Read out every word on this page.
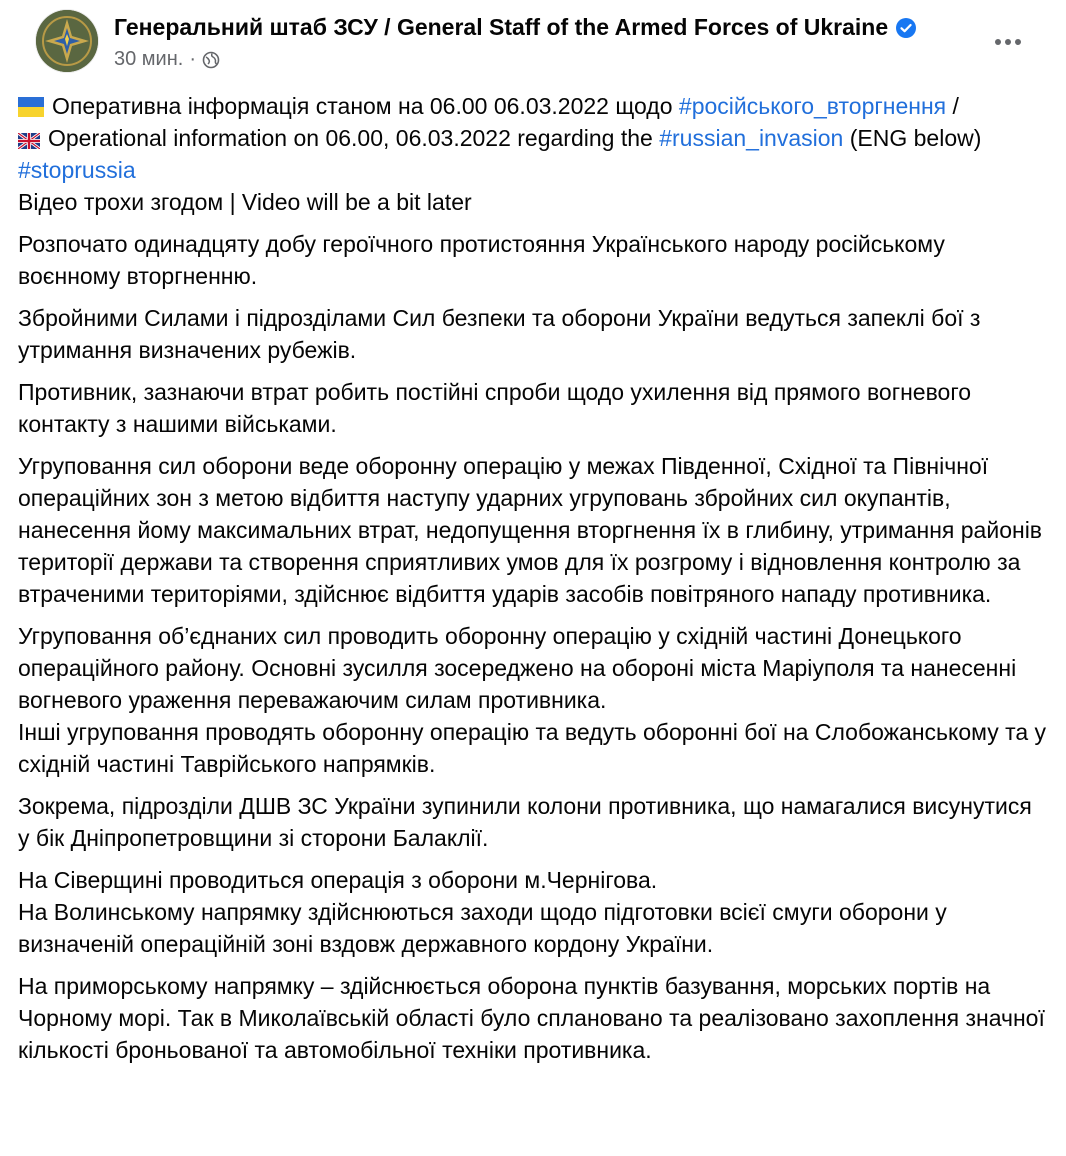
Генеральний штаб ЗСУ / General Staff of the Armed Forces of Ukraine
30 мин. ·

Оперативна інформація станом на 06.00 06.03.2022 щодо #російського_вторгнення /
Operational information on 06.00, 06.03.2022 regarding the #russian_invasion (ENG below)
#stoprussia
Відео трохи згодом | Video will be a bit later

Розпочато одинадцяту добу героїчного протистояння Українського народу російському воєнному вторгненню.

Збройними Силами і підрозділами Сил безпеки та оборони України ведуться запеклі бої з утримання визначених рубежів.

Противник, зазнаючи втрат робить постійні спроби щодо ухилення від прямого вогневого контакту з нашими військами.

Угруповання сил оборони веде оборонну операцію у межах Південної, Східної та Північної операційних зон з метою відбиття наступу ударних угруповань збройних сил окупантів, нанесення йому максимальних втрат, недопущення вторгнення їх в глибину, утримання районів території держави та створення сприятливих умов для їх розгрому і відновлення контролю за втраченими територіями, здійснює відбиття ударів засобів повітряного нападу противника.

Угруповання об’єднаних сил проводить оборонну операцію у східній частині Донецького операційного району. Основні зусилля зосереджено на обороні міста Маріуполя та нанесенні вогневого ураження переважаючим силам противника.
Інші угруповання проводять оборонну операцію та ведуть оборонні бої на Слобожанському та у східній частині Таврійського напрямків.

Зокрема, підрозділи ДШВ ЗС України зупинили колони противника, що намагалися висунутися у бік Дніпропетровщини зі сторони Балаклії.

На Сіверщині проводиться операція з оборони м.Чернігова.
На Волинському напрямку здійснюються заходи щодо підготовки всієї смуги оборони у визначеній операційній зоні вздовж державного кордону України.

На приморському напрямку – здійснюється оборона пунктів базування, морських портів на Чорному морі. Так в Миколаївській області було сплановано та реалізовано захоплення значної кількості броньованої та автомобільної техніки противника.
